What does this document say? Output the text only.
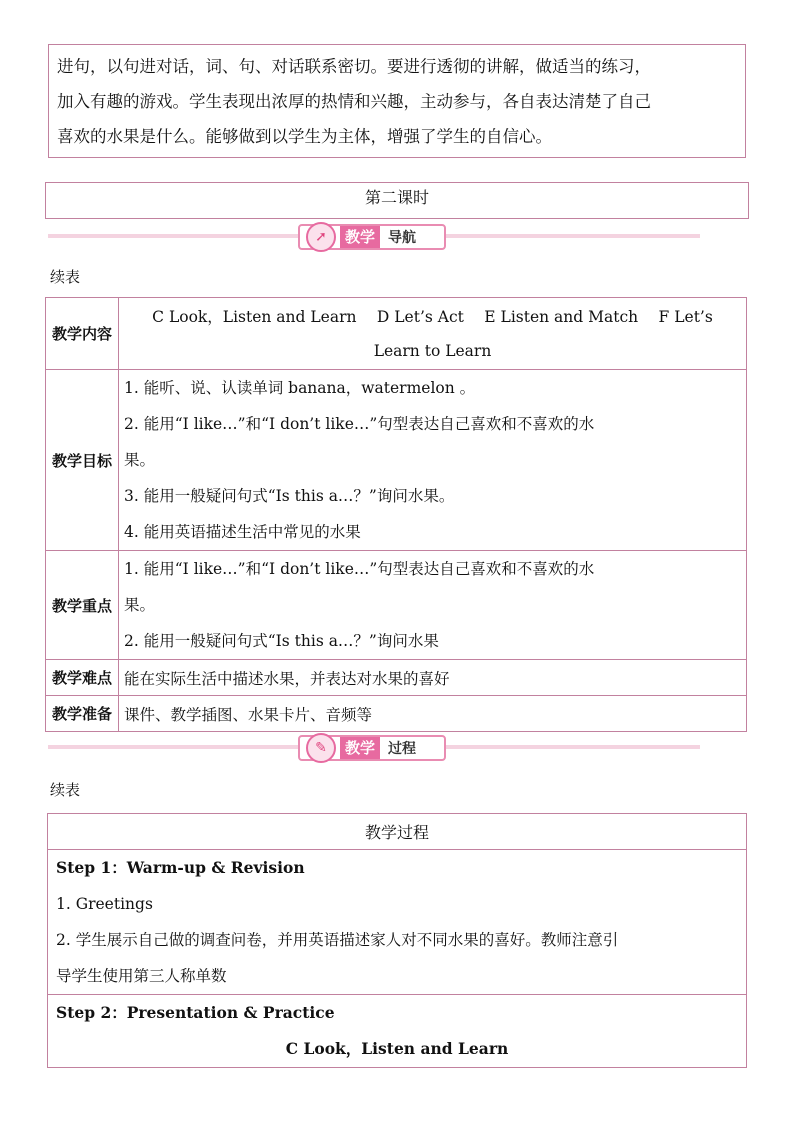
进句，以句进对话，词、句、对话联系密切。要进行透彻的讲解，做适当的练习，
加入有趣的游戏。学生表现出浓厚的热情和兴趣，主动参与，各自表达清楚了自己
喜欢的水果是什么。能够做到以学生为主体，增强了学生的自信心。
第二课时
➚	教学 导航
续表
教学内容	C Look，Listen and Learn　 D Let’s Act　 E Listen and Match　 F Let’s
Learn to Learn

教学目标	1. 能听、说、认读单词 banana，watermelon 。
2. 能用“I like…”和“I don’t like…”句型表达自己喜欢和不喜欢的水
果。
3. 能用一般疑问句式“Is this a…？”询问水果。
4. 能用英语描述生活中常见的水果

教学重点	1. 能用“I like…”和“I don’t like…”句型表达自己喜欢和不喜欢的水
果。
2. 能用一般疑问句式“Is this a…？”询问水果

教学难点	能在实际生活中描述水果，并表达对水果的喜好
教学准备	课件、教学插图、水果卡片、音频等
✎	教学 过程
续表
教学过程

Step 1：Warm-up & Revision
1. Greetings
2. 学生展示自己做的调查问卷，并用英语描述家人对不同水果的喜好。教师注意引
导学生使用第三人称单数

Step 2：Presentation & Practice
C Look，Listen and Learn
